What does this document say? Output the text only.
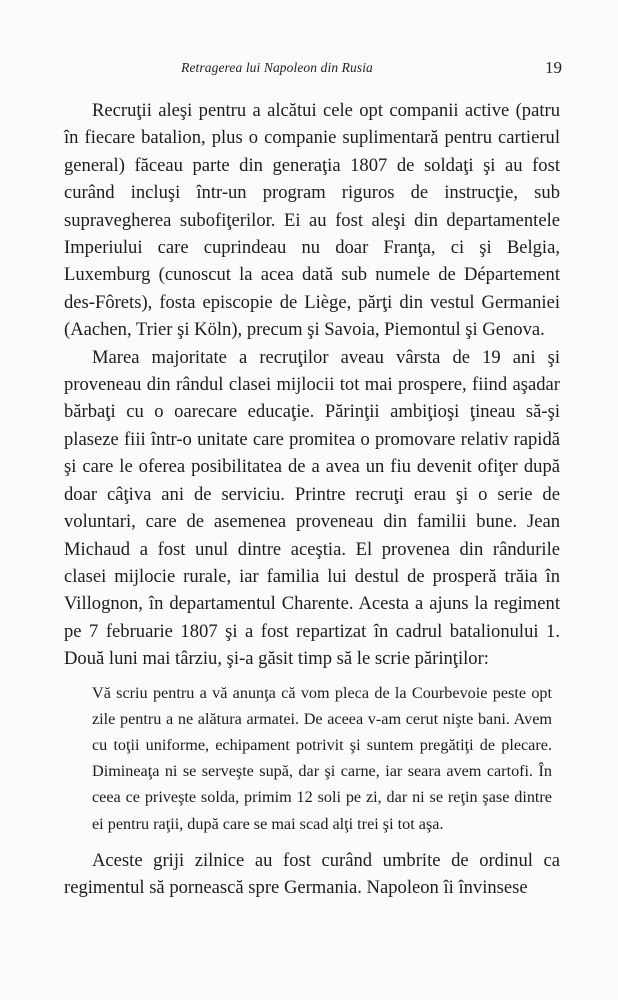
Retragerea lui Napoleon din Rusia	19

Recruţii aleşi pentru a alcătui cele opt companii active (patru în fiecare batalion, plus o companie suplimentară pentru cartierul general) făceau parte din generaţia 1807 de soldaţi şi au fost curând incluşi într-un program riguros de instrucţie, sub supravegherea subofiţerilor. Ei au fost aleşi din departamentele Imperiului care cuprindeau nu doar Franţa, ci şi Belgia, Luxemburg (cunoscut la acea dată sub numele de Département des-Fôrets), fosta episcopie de Liège, părţi din vestul Germaniei (Aachen, Trier şi Köln), precum şi Savoia, Piemontul şi Genova.

Marea majoritate a recruţilor aveau vârsta de 19 ani şi proveneau din rândul clasei mijlocii tot mai prospere, fiind aşadar bărbaţi cu o oarecare educaţie. Părinţii ambiţioşi ţineau să-şi plaseze fiii într-o unitate care promitea o promovare relativ rapidă şi care le oferea posibilitatea de a avea un fiu devenit ofiţer după doar câţiva ani de serviciu. Printre recruţi erau şi o serie de voluntari, care de asemenea proveneau din familii bune. Jean Michaud a fost unul dintre aceştia. El provenea din rândurile clasei mijlocie rurale, iar familia lui destul de prosperă trăia în Villognon, în departamentul Charente. Acesta a ajuns la regiment pe 7 februarie 1807 şi a fost repartizat în cadrul batalionului 1. Două luni mai târziu, şi-a găsit timp să le scrie părinţilor:

Vă scriu pentru a vă anunţa că vom pleca de la Courbevoie peste opt zile pentru a ne alătura armatei. De aceea v-am cerut nişte bani. Avem cu toţii uniforme, echipament potrivit şi suntem pregătiţi de plecare. Dimineaţa ni se serveşte supă, dar şi carne, iar seara avem cartofi. În ceea ce priveşte solda, primim 12 soli pe zi, dar ni se reţin şase dintre ei pentru raţii, după care se mai scad alţi trei şi tot aşa.

Aceste griji zilnice au fost curând umbrite de ordinul ca regimentul să pornească spre Germania. Napoleon îi învinsese
